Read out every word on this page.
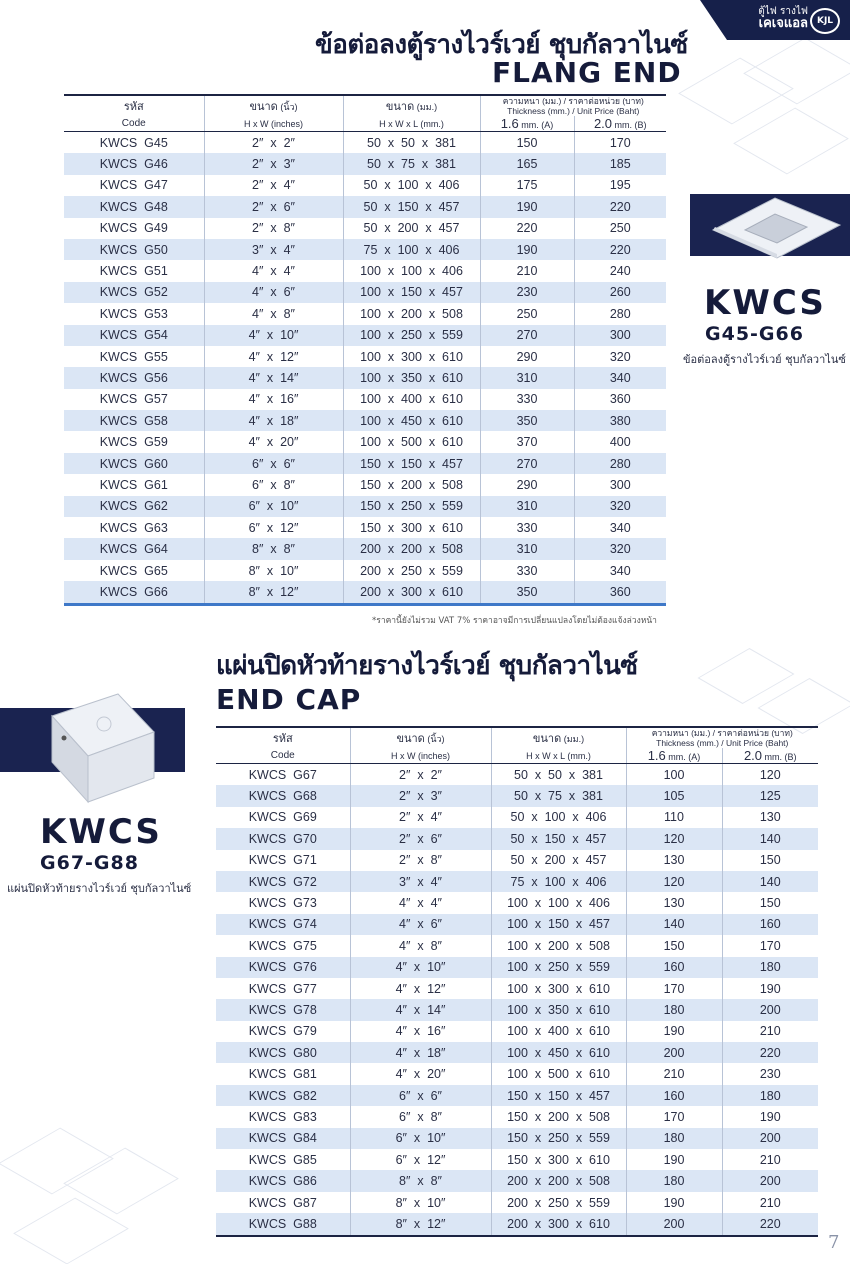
ตู้ไฟ รางไฟ
เคเจแอล KJL
ข้อต่อลงตู้รางไวร์เวย์ ชุบกัลวาไนซ์
FLANG END
รหัส	ขนาด (นิ้ว)	ขนาด (มม.)	ความหนา (มม.) / ราคาต่อหน่วย (บาท)
Thickness (mm.) / Unit Price (Baht)	

Code	H x W (inches)	H x W x L (mm.)	1.6 mm. (A)	2.0 mm. (B)
KWCS  G45	2″  x  2″	50  x  50  x  381	150	170
KWCS  G46	2″  x  3″	50  x  75  x  381	165	185
KWCS  G47	2″  x  4″	50  x  100  x  406	175	195
KWCS  G48	2″  x  6″	50  x  150  x  457	190	220
KWCS  G49	2″  x  8″	50  x  200  x  457	220	250
KWCS  G50	3″  x  4″	75  x  100  x  406	190	220
KWCS  G51	4″  x  4″	100  x  100  x  406	210	240
KWCS  G52	4″  x  6″	100  x  150  x  457	230	260
KWCS  G53	4″  x  8″	100  x  200  x  508	250	280
KWCS  G54	4″  x  10″	100  x  250  x  559	270	300
KWCS  G55	4″  x  12″	100  x  300  x  610	290	320
KWCS  G56	4″  x  14″	100  x  350  x  610	310	340
KWCS  G57	4″  x  16″	100  x  400  x  610	330	360
KWCS  G58	4″  x  18″	100  x  450  x  610	350	380
KWCS  G59	4″  x  20″	100  x  500  x  610	370	400
KWCS  G60	6″  x  6″	150  x  150  x  457	270	280
KWCS  G61	6″  x  8″	150  x  200  x  508	290	300
KWCS  G62	6″  x  10″	150  x  250  x  559	310	320
KWCS  G63	6″  x  12″	150  x  300  x  610	330	340
KWCS  G64	8″  x  8″	200  x  200  x  508	310	320
KWCS  G65	8″  x  10″	200  x  250  x  559	330	340
KWCS  G66	8″  x  12″	200  x  300  x  610	350	360
*ราคานี้ยังไม่รวม VAT 7% ราคาอาจมีการเปลี่ยนแปลงโดยไม่ต้องแจ้งล่วงหน้า
KWCS
G45-G66
ข้อต่อลงตู้รางไวร์เวย์ ชุบกัลวาไนซ์
แผ่นปิดหัวท้ายรางไวร์เวย์ ชุบกัลวาไนซ์
END CAP
รหัส	ขนาด (นิ้ว)	ขนาด (มม.)	ความหนา (มม.) / ราคาต่อหน่วย (บาท)
Thickness (mm.) / Unit Price (Baht)	

Code	H x W (inches)	H x W x L (mm.)	1.6 mm. (A)	2.0 mm. (B)
KWCS  G67	2″  x  2″	50  x  50  x  381	100	120
KWCS  G68	2″  x  3″	50  x  75  x  381	105	125
KWCS  G69	2″  x  4″	50  x  100  x  406	110	130
KWCS  G70	2″  x  6″	50  x  150  x  457	120	140
KWCS  G71	2″  x  8″	50  x  200  x  457	130	150
KWCS  G72	3″  x  4″	75  x  100  x  406	120	140
KWCS  G73	4″  x  4″	100  x  100  x  406	130	150
KWCS  G74	4″  x  6″	100  x  150  x  457	140	160
KWCS  G75	4″  x  8″	100  x  200  x  508	150	170
KWCS  G76	4″  x  10″	100  x  250  x  559	160	180
KWCS  G77	4″  x  12″	100  x  300  x  610	170	190
KWCS  G78	4″  x  14″	100  x  350  x  610	180	200
KWCS  G79	4″  x  16″	100  x  400  x  610	190	210
KWCS  G80	4″  x  18″	100  x  450  x  610	200	220
KWCS  G81	4″  x  20″	100  x  500  x  610	210	230
KWCS  G82	6″  x  6″	150  x  150  x  457	160	180
KWCS  G83	6″  x  8″	150  x  200  x  508	170	190
KWCS  G84	6″  x  10″	150  x  250  x  559	180	200
KWCS  G85	6″  x  12″	150  x  300  x  610	190	210
KWCS  G86	8″  x  8″	200  x  200  x  508	180	200
KWCS  G87	8″  x  10″	200  x  250  x  559	190	210
KWCS  G88	8″  x  12″	200  x  300  x  610	200	220
KWCS
G67-G88
แผ่นปิดหัวท้ายรางไวร์เวย์ ชุบกัลวาไนซ์
7
